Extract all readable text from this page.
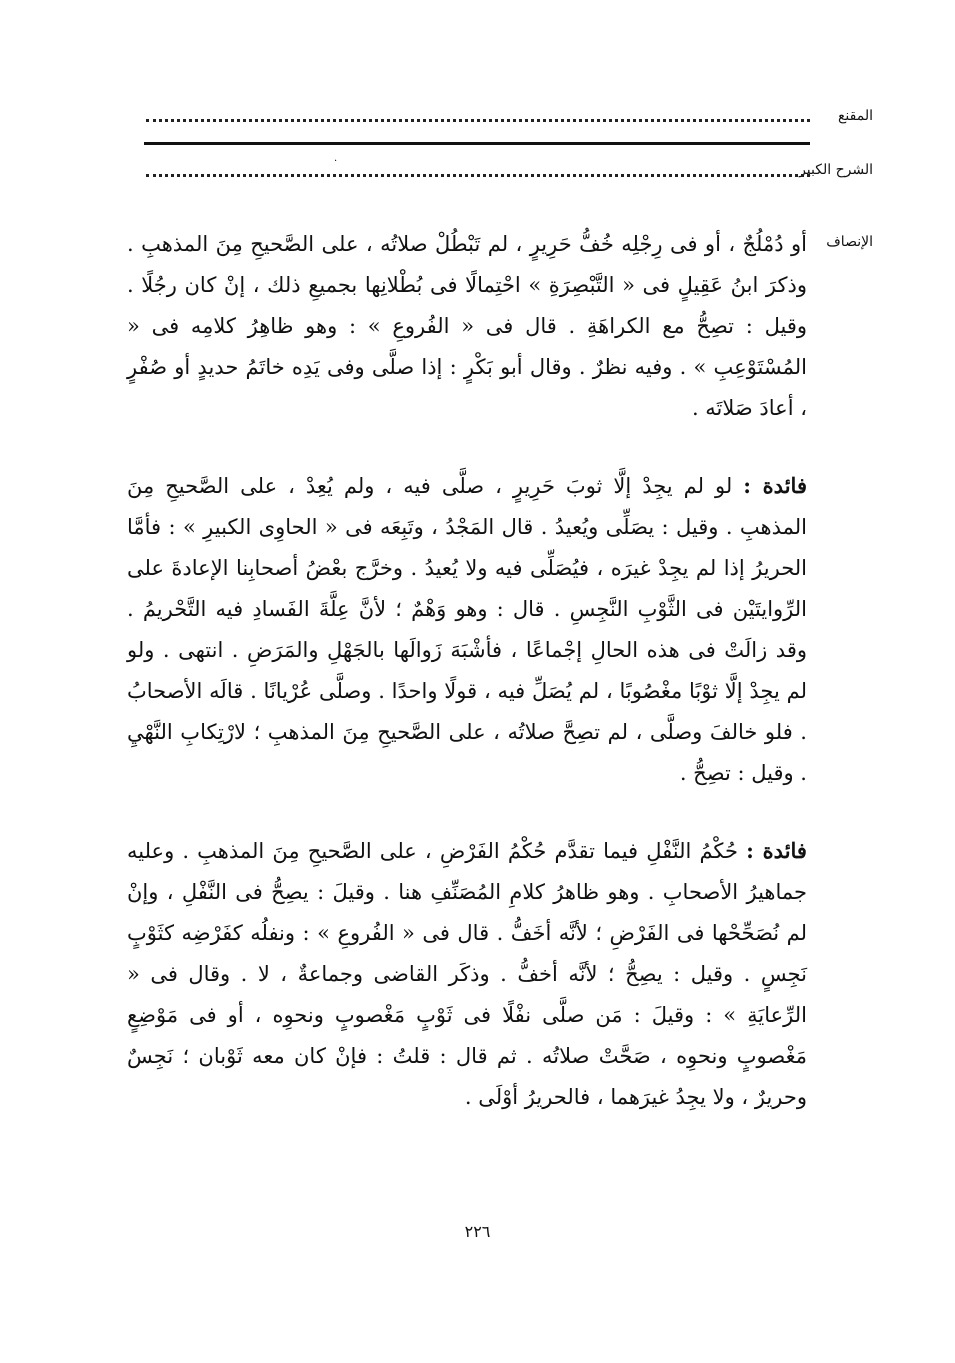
المقنع
الشرح الكبير
الإنصاف
·

أو دُمْلُجٌ ، أو فى رِجْلِه خُفُّ حَرِيرٍ ، لم تَبْطُلْ صلاتُه ، على الصَّحيحِ مِنَ المذهبِ . وذكرَ ابنُ عَقِيلٍ فى « التَّبْصِرَةِ » احْتِمالًا فى بُطْلانِها بجميعِ ذلك ، إنْ كان رجُلًا . وقيل : تصِحُّ مع الكراهَةِ . قال فى « الفُروعِ » : وهو ظاهِرُ كلامِه فى « المُسْتَوْعِبِ » . وفيه نظرٌ . وقال أبو بَكْرٍ : إذا صلَّى وفى يَدِه خاتَمُ حديدٍ أو صُفْرٍ ، أعادَ صَلاتَه .

فائدة : لو لم يجِدْ إلَّا ثوبَ حَرِيرٍ ، صلَّى فيه ، ولم يُعِدْ ، على الصَّحيحِ مِنَ المذهبِ . وقيل : يصَلِّى ويُعيدُ . قال المَجْدُ ، وتَبِعَه فى « الحاوِى الكبيرِ » : فأمَّا الحريرُ إذا لم يجِدْ غيرَه ، فيُصَلِّى فيه ولا يُعيدُ . وخرَّج بعْضُ أصحابِنا الإعادةَ على الرِّوايتَيْن فى الثَّوْبِ النَّجِسِ . قال : وهو وَهْمٌ ؛ لأنَّ عِلَّةَ الفَسادِ فيه التَّحْريمُ . وقد زالَتْ فى هذه الحالِ إجْماعًا ، فأشْبَهَ زَوالَها بالجَهْلِ والمَرَضِ . انتهى . ولو لم يجِدْ إلَّا ثوْبًا مغْصُوبًا ، لم يُصَلِّ فيه ، قولًا واحدًا . وصلَّى عُرْيانًا . قالَه الأصحابُ . فلو خالفَ وصلَّى ، لم تصِحَّ صلاتُه ، على الصَّحيحِ مِنَ المذهبِ ؛ لارْتِكابِ النَّهْيِ . وقيل : تصِحُّ .

فائدة : حُكْمُ النَّفْلِ فيما تقدَّم حُكْمُ الفَرْضِ ، على الصَّحيحِ مِنَ المذهبِ . وعليه جماهيرُ الأصحابِ . وهو ظاهرُ كلامِ المُصَنِّفِ هنا . وقيلَ : يصِحُّ فى النَّفْلِ ، وإنْ لم نُصَحِّحْها فى الفَرْضِ ؛ لأنَّه أخَفُّ . قال فى « الفُروعِ » : ونفلُه كفَرْضِه كثَوْبٍ نَجِسٍ . وقيل : يصِحُّ ؛ لأنَّه أخفُّ . وذكَر القاضى وجماعةٌ ، لا . وقال فى « الرِّعايَةِ » : وقيلَ : مَن صلَّى نفْلًا فى ثَوْبٍ مَغْصوبٍ ونحوِه ، أو فى مَوْضِعٍ مَغْصوبٍ ونحوِه ، صَحَّتْ صلاتُه . ثم قال : قلتُ : فإنْ كان معه ثَوْبان ؛ نَجِسٌ وحريرٌ ، ولا يجِدُ غيرَهما ، فالحريرُ أوْلَى .

٢٢٦
